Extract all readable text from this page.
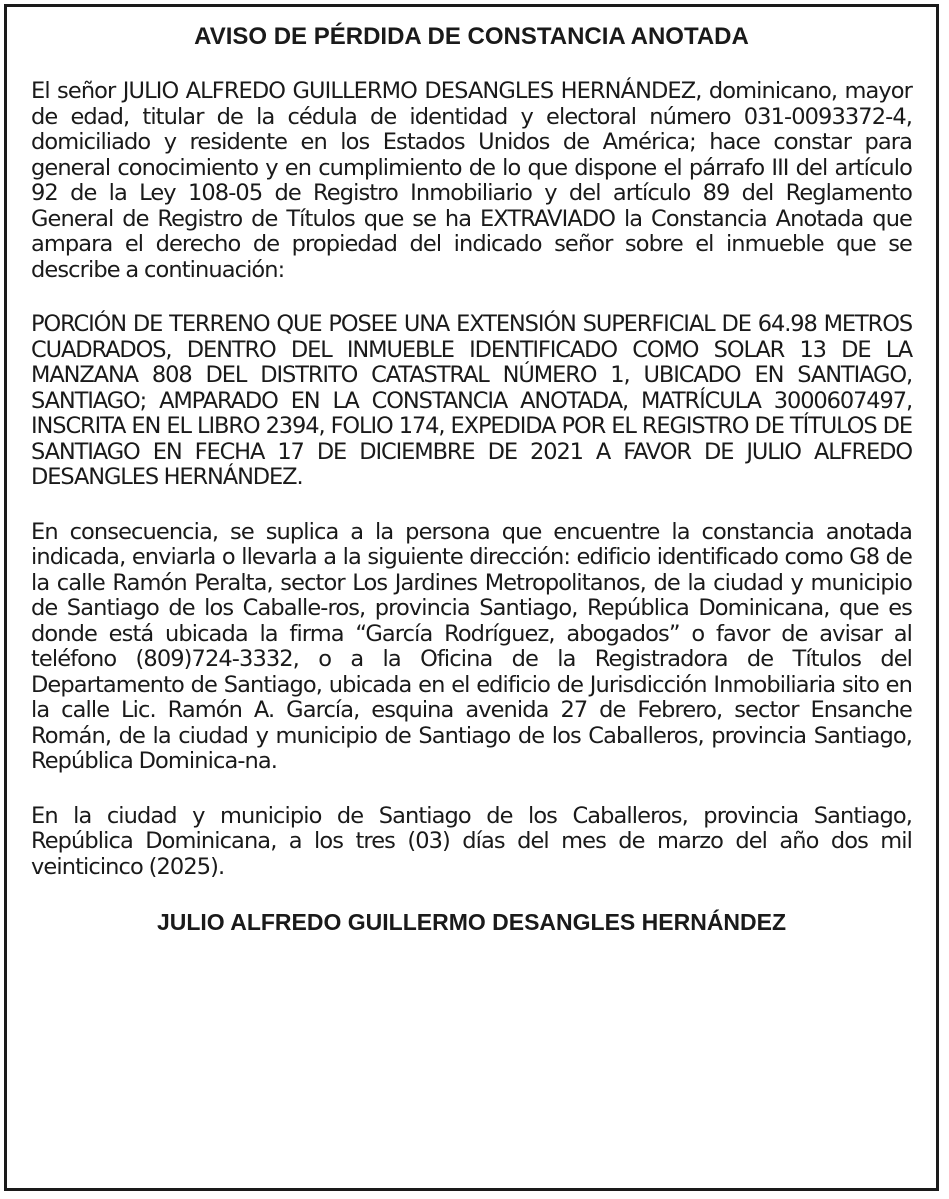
AVISO DE PÉRDIDA DE CONSTANCIA ANOTADA

El señor JULIO ALFREDO GUILLERMO DESANGLES HERNÁNDEZ, dominicano, mayor de edad, titular de la cédula de identidad y electoral número 031-0093372-4, domiciliado y residente en los Estados Unidos de América; hace constar para general conocimiento y en cumplimiento de lo que dispone el párrafo III del artículo 92 de la Ley 108-05 de Registro Inmobiliario y del artículo 89 del Reglamento General de Registro de Títulos que se ha EXTRAVIADO la Constancia Anotada que ampara el derecho de propiedad del indicado señor sobre el inmueble que se describe a continuación:

PORCIÓN DE TERRENO QUE POSEE UNA EXTENSIÓN SUPERFICIAL DE 64.98 METROS CUADRADOS, DENTRO DEL INMUEBLE IDENTIFICADO COMO SOLAR 13 DE LA MANZANA 808 DEL DISTRITO CATASTRAL NÚMERO 1, UBICADO EN SANTIAGO, SANTIAGO; AMPARADO EN LA CONSTANCIA ANOTADA, MATRÍCULA 3000607497, INSCRITA EN EL LIBRO 2394, FOLIO 174, EXPEDIDA POR EL REGISTRO DE TÍTULOS DE SANTIAGO EN FECHA 17 DE DICIEMBRE DE 2021 A FAVOR DE JULIO ALFREDO DESANGLES HERNÁNDEZ.

En consecuencia, se suplica a la persona que encuentre la constancia anotada indicada, enviarla o llevarla a la siguiente dirección: edificio identificado como G8 de la calle Ramón Peralta, sector Los Jardines Metropolitanos, de la ciudad y municipio de Santiago de los Caballe-ros, provincia Santiago, República Dominicana, que es donde está ubicada la firma “García Rodríguez, abogados” o favor de avisar al teléfono (809)724-3332, o a la Oficina de la Registradora de Títulos del Departamento de Santiago, ubicada en el edificio de Jurisdicción Inmobiliaria sito en la calle Lic. Ramón A. García, esquina avenida 27 de Febrero, sector Ensanche Román, de la ciudad y municipio de Santiago de los Caballeros, provincia Santiago, República Dominica-na.

En la ciudad y municipio de Santiago de los Caballeros, provincia Santiago, República Dominicana, a los tres (03) días del mes de marzo del año dos mil veinticinco (2025).

JULIO ALFREDO GUILLERMO DESANGLES HERNÁNDEZ
